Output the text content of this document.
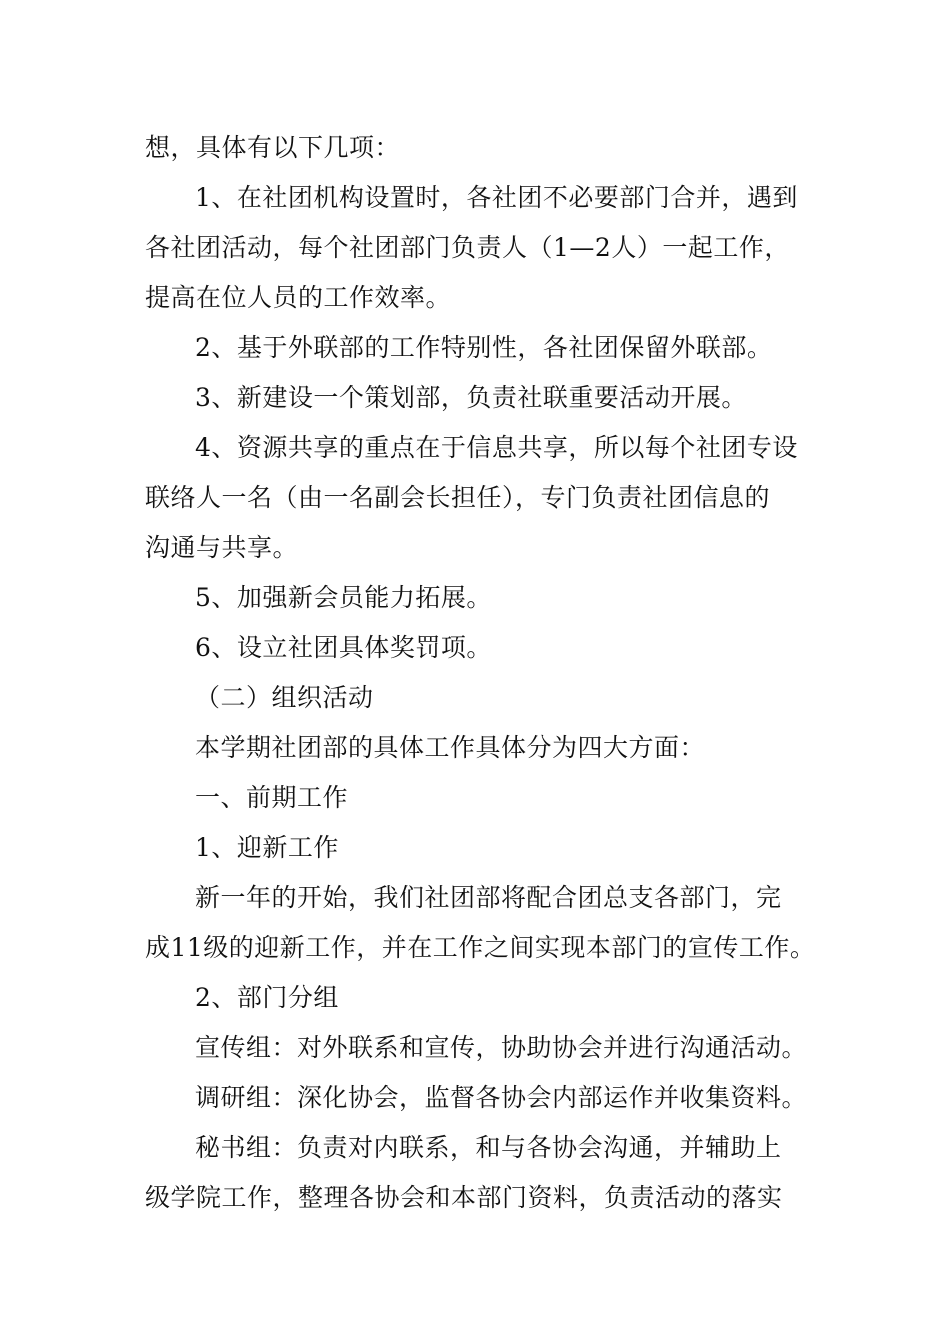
想，具体有以下几项：
1、在社团机构设置时，各社团不必要部门合并，遇到
各社团活动，每个社团部门负责人（1—2人）一起工作，
提高在位人员的工作效率。
2、基于外联部的工作特别性，各社团保留外联部。
3、新建设一个策划部，负责社联重要活动开展。
4、资源共享的重点在于信息共享，所以每个社团专设
联络人一名（由一名副会长担任），专门负责社团信息的
沟通与共享。
5、加强新会员能力拓展。
6、设立社团具体奖罚项。
（二）组织活动
本学期社团部的具体工作具体分为四大方面：
一、前期工作
1、迎新工作
新一年的开始，我们社团部将配合团总支各部门，完
成11级的迎新工作，并在工作之间实现本部门的宣传工作。
2、部门分组
宣传组：对外联系和宣传，协助协会并进行沟通活动。
调研组：深化协会，监督各协会内部运作并收集资料。
秘书组：负责对内联系，和与各协会沟通，并辅助上
级学院工作，整理各协会和本部门资料，负责活动的落实
